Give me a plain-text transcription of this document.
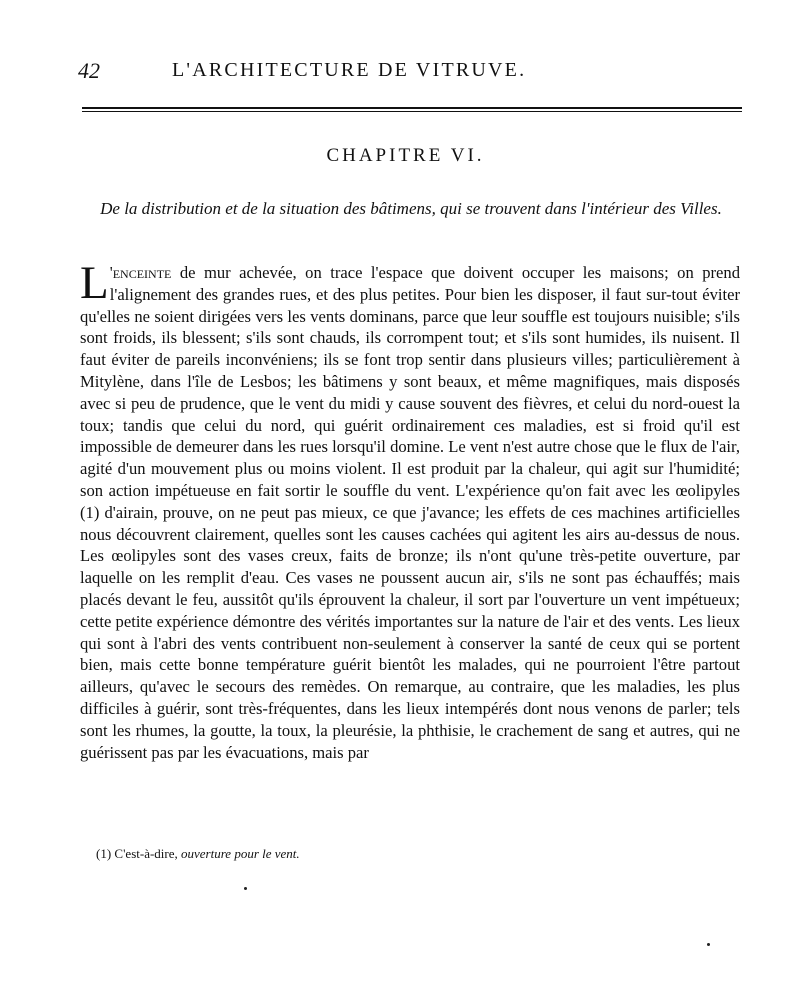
42	L'ARCHITECTURE DE VITRUVE.
CHAPITRE VI.
De la distribution et de la situation des bâtimens, qui se trouvent dans l'intérieur des Villes.
L 'enceinte de mur achevée, on trace l'espace que doivent occuper les maisons; on prend l'alignement des grandes rues, et des plus petites. Pour bien les disposer, il faut sur-tout éviter qu'elles ne soient dirigées vers les vents dominans, parce que leur souffle est toujours nuisible; s'ils sont froids, ils blessent; s'ils sont chauds, ils corrompent tout; et s'ils sont humides, ils nuisent. Il faut éviter de pareils inconvéniens; ils se font trop sentir dans plusieurs villes; particulièrement à Mitylène, dans l'île de Lesbos; les bâtimens y sont beaux, et même magnifiques, mais disposés avec si peu de prudence, que le vent du midi y cause souvent des fièvres, et celui du nord-ouest la toux; tandis que celui du nord, qui guérit ordinairement ces maladies, est si froid qu'il est impossible de demeurer dans les rues lorsqu'il domine. Le vent n'est autre chose que le flux de l'air, agité d'un mouvement plus ou moins violent. Il est produit par la chaleur, qui agit sur l'humidité; son action impétueuse en fait sortir le souffle du vent. L'expérience qu'on fait avec les œolipyles (1) d'airain, prouve, on ne peut pas mieux, ce que j'avance; les effets de ces machines artificielles nous découvrent clairement, quelles sont les causes cachées qui agitent les airs au-dessus de nous. Les œolipyles sont des vases creux, faits de bronze; ils n'ont qu'une très-petite ouverture, par laquelle on les remplit d'eau. Ces vases ne poussent aucun air, s'ils ne sont pas échauffés; mais placés devant le feu, aussitôt qu'ils éprouvent la chaleur, il sort par l'ouverture un vent impétueux; cette petite expérience démontre des vérités importantes sur la nature de l'air et des vents. Les lieux qui sont à l'abri des vents contribuent non-seulement à conserver la santé de ceux qui se portent bien, mais cette bonne température guérit bientôt les malades, qui ne pourroient l'être partout ailleurs, qu'avec le secours des remèdes. On remarque, au contraire, que les maladies, les plus difficiles à guérir, sont très-fréquentes, dans les lieux intempérés dont nous venons de parler; tels sont les rhumes, la goutte, la toux, la pleurésie, la phthisie, le crachement de sang et autres, qui ne guérissent pas par les évacuations, mais par
(1) C'est-à-dire, ouverture pour le vent.
